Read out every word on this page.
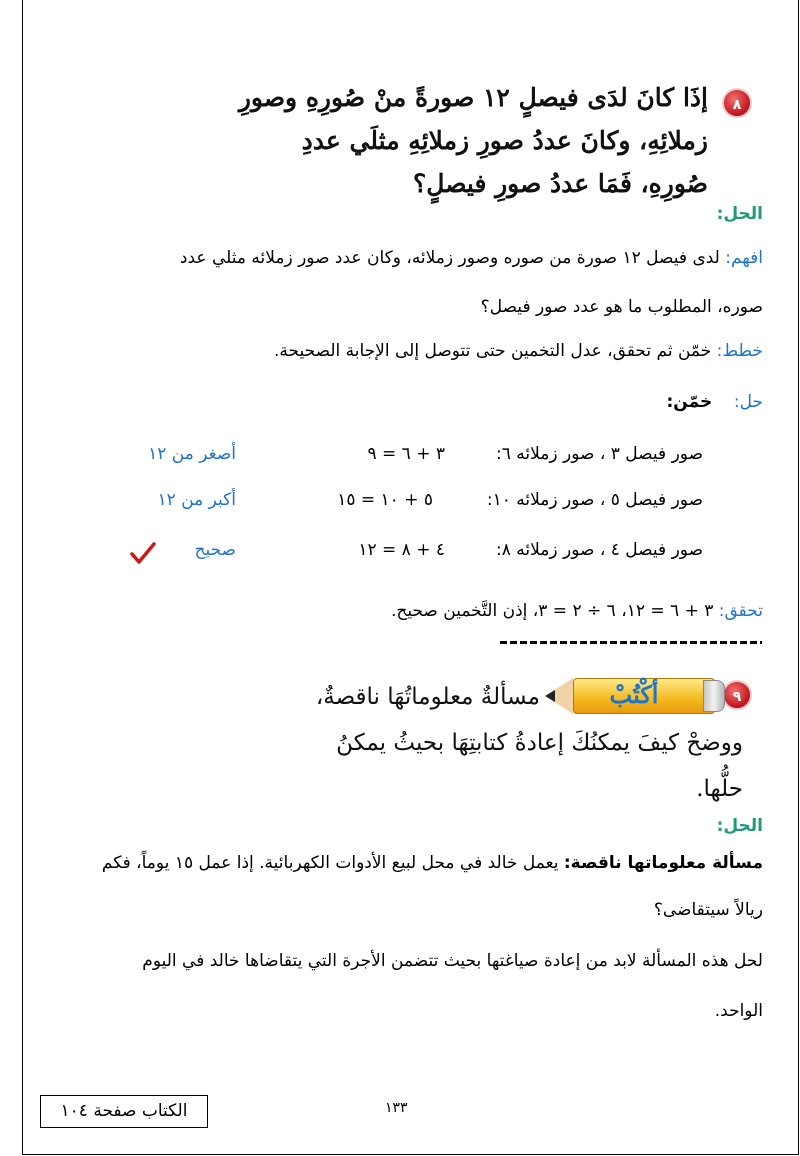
٨
إذَا كانَ لدَى فيصلٍ ١٢ صورةً منْ صُورِهِ وصورِ
زملائِهِ، وكانَ عددُ صورِ زملائِهِ مثلَي عددِ
صُورِهِ، فَمَا عددُ صورِ فيصلٍ؟
الحل:
افهم: لدى فيصل ١٢ صورة من صوره وصور زملائه، وكان عدد صور زملائه مثلي عدد
صوره، المطلوب ما هو عدد صور فيصل؟
خطط: خمّن ثم تحقق، عدل التخمين حتى تتوصل إلى الإجابة الصحيحة.
حل:    خمّن:
صور فيصل ٣ ، صور زملائه ٦:
٣ + ٦ = ٩
أصغر من ١٢
صور فيصل ٥ ، صور زملائه ١٠:
٥ + ١٠ = ١٥
أكبر من ١٢
صور فيصل ٤ ، صور زملائه ٨:
٤ + ٨ = ١٢
صحيح
تحقق: ٣ + ٦ = ١٢، ٦ ÷ ٢ = ٣، إذن التَّخمين صحيح.
٩
أكْتُبْ
مسألةٌ معلوماتُهَا ناقصةٌ،
ووضحْ كيفَ يمكنُكَ إعادةُ كتابتِهَا بحيثُ يمكنُ
حلُّها.
الحل:
مسألة معلوماتها ناقصة: يعمل خالد في محل لبيع الأدوات الكهربائية. إذا عمل ١٥ يوماً، فكم
ريالاً سيتقاضى؟
لحل هذه المسألة لابد من إعادة صياغتها بحيث تتضمن الأجرة التي يتقاضاها خالد في اليوم
الواحد.
الكتاب صفحة ١٠٤	١٣٣
